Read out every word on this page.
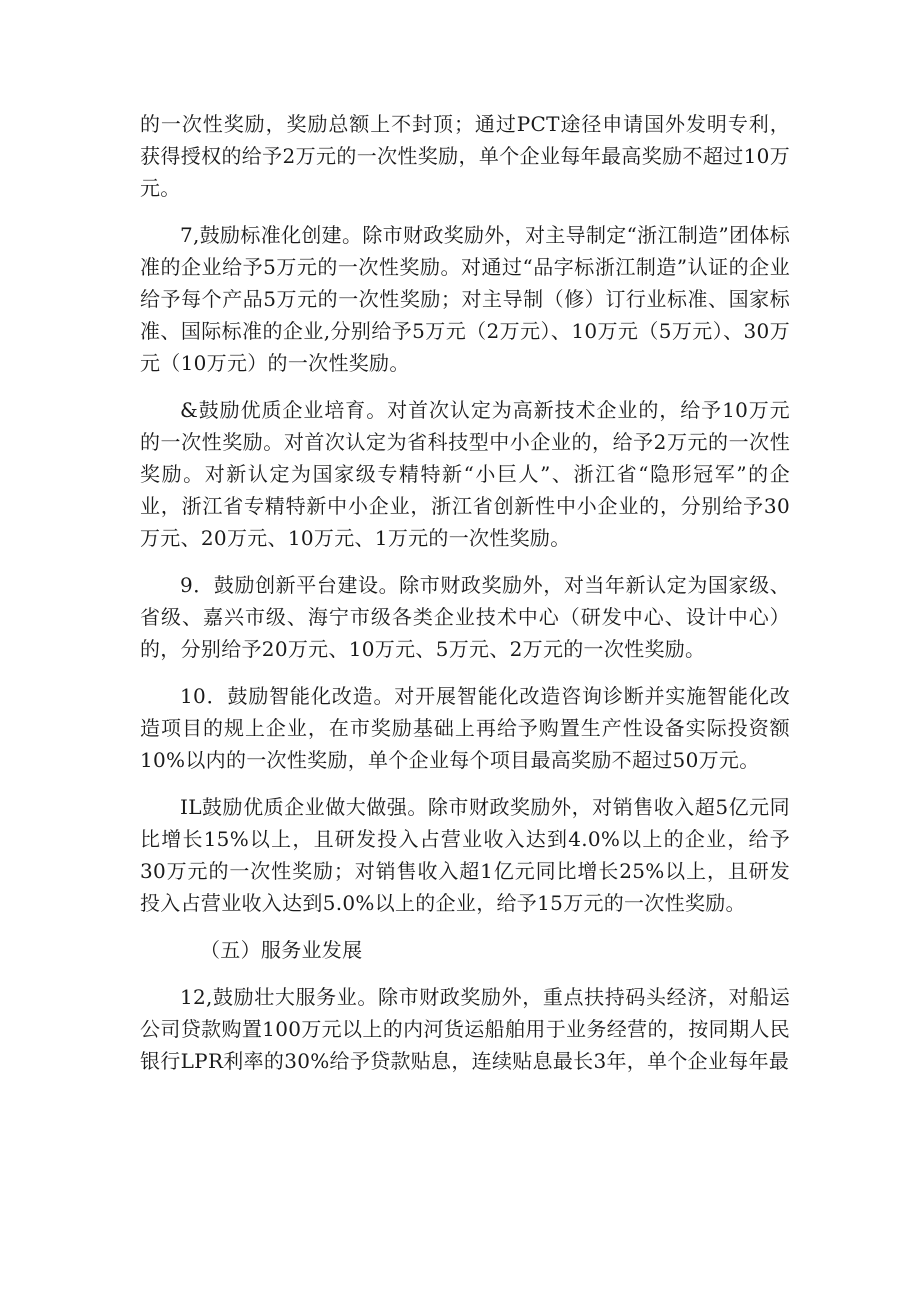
的一次性奖励，奖励总额上不封顶；通过PCT途径申请国外发明专利，获得授权的给予2万元的一次性奖励，单个企业每年最高奖励不超过10万元。

7,鼓励标准化创建。除市财政奖励外，对主导制定“浙江制造”团体标准的企业给予5万元的一次性奖励。对通过“品字标浙江制造”认证的企业给予每个产品5万元的一次性奖励；对主导制（修）订行业标准、国家标准、国际标准的企业,分别给予5万元（2万元）、10万元（5万元）、30万元（10万元）的一次性奖励。

&鼓励优质企业培育。对首次认定为高新技术企业的，给予10万元的一次性奖励。对首次认定为省科技型中小企业的，给予2万元的一次性奖励。对新认定为国家级专精特新“小巨人”、浙江省“隐形冠军”的企业，浙江省专精特新中小企业，浙江省创新性中小企业的，分别给予30万元、20万元、10万元、1万元的一次性奖励。

9．鼓励创新平台建设。除市财政奖励外，对当年新认定为国家级、省级、嘉兴市级、海宁市级各类企业技术中心（研发中心、设计中心）的，分别给予20万元、10万元、5万元、2万元的一次性奖励。

10．鼓励智能化改造。对开展智能化改造咨询诊断并实施智能化改造项目的规上企业，在市奖励基础上再给予购置生产性设备实际投资额10%以内的一次性奖励，单个企业每个项目最高奖励不超过50万元。

IL鼓励优质企业做大做强。除市财政奖励外，对销售收入超5亿元同比增长15%以上，且研发投入占营业收入达到4.0%以上的企业，给予30万元的一次性奖励；对销售收入超1亿元同比增长25%以上，且研发投入占营业收入达到5.0%以上的企业，给予15万元的一次性奖励。

（五）服务业发展

12,鼓励壮大服务业。除市财政奖励外，重点扶持码头经济，对船运公司贷款购置100万元以上的内河货运船舶用于业务经营的，按同期人民银行LPR利率的30%给予贷款贴息，连续贴息最长3年，单个企业每年最
